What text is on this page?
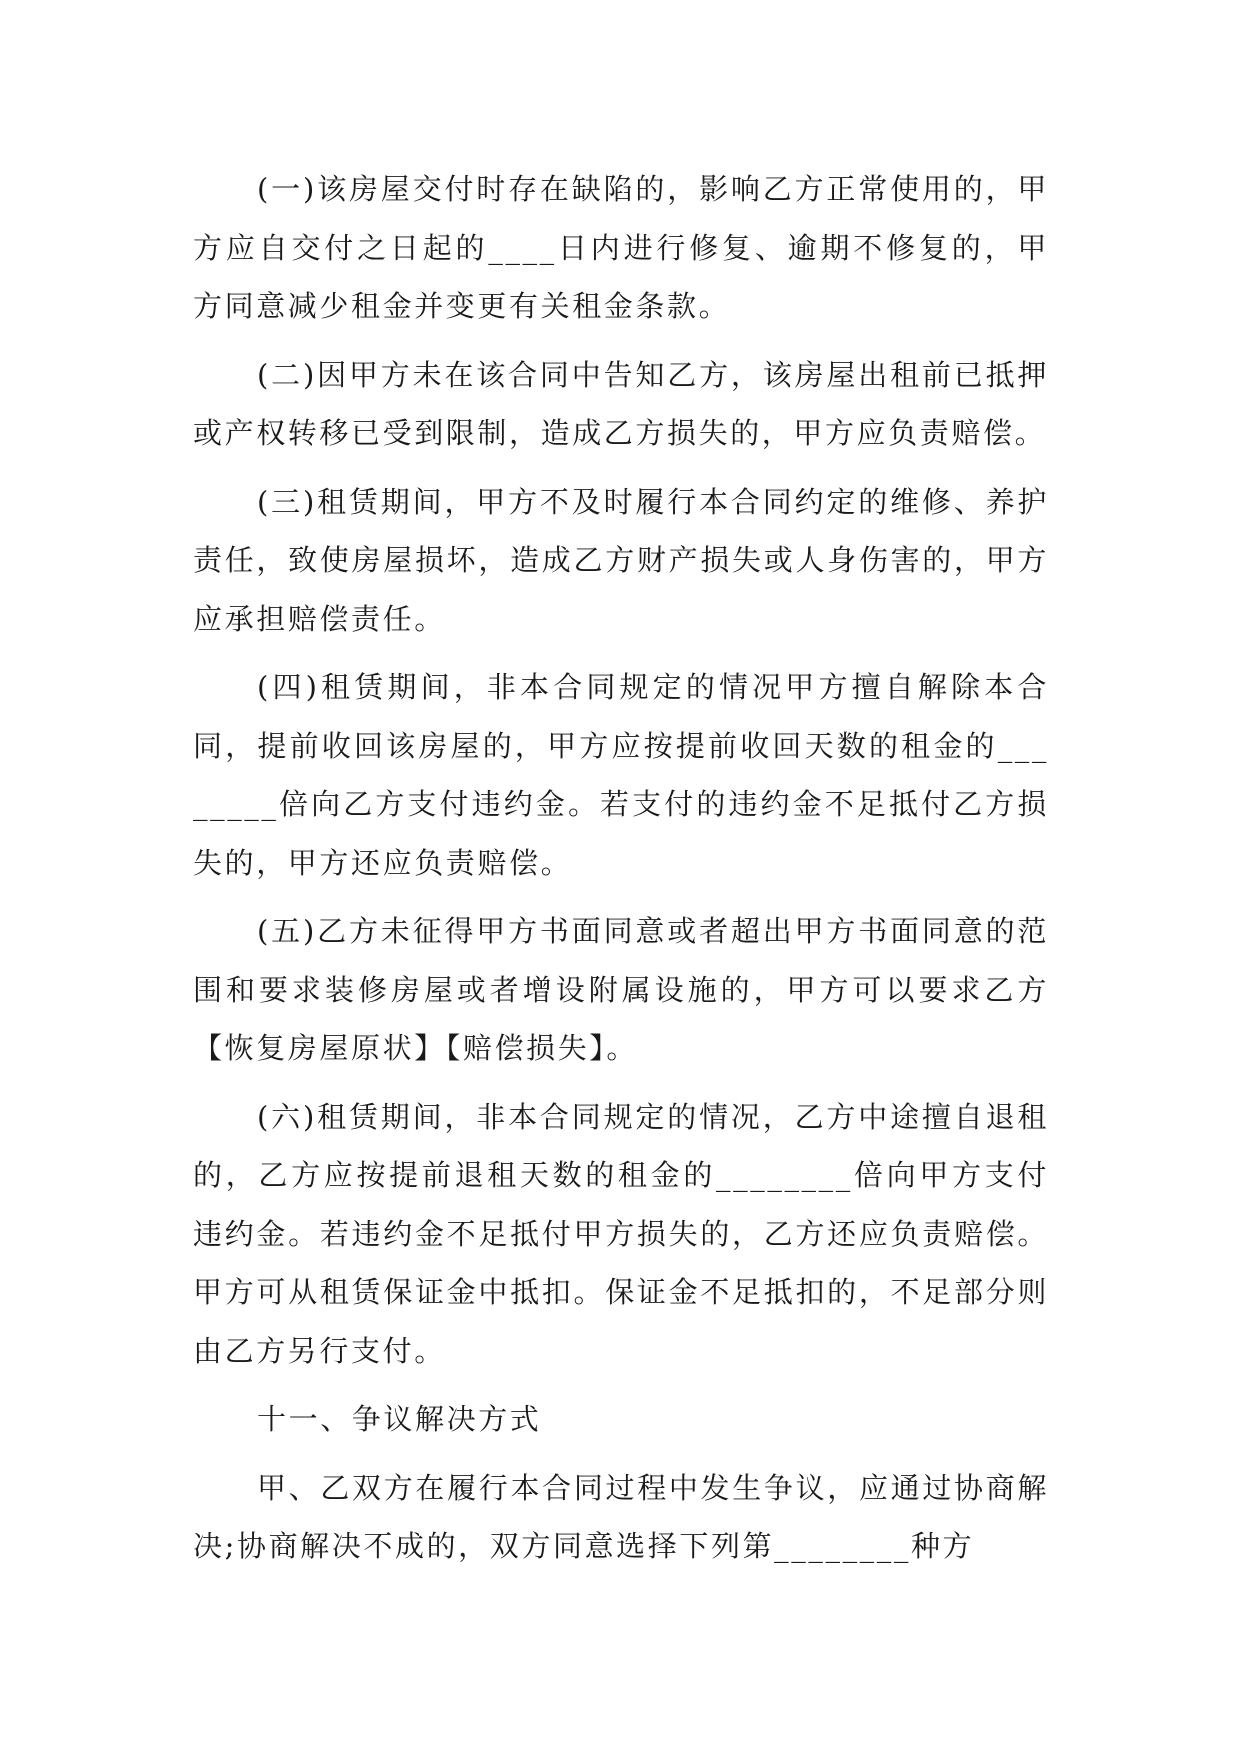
(一)该房屋交付时存在缺陷的，影响乙方正常使用的，甲方应自交付之日起的____日内进行修复、逾期不修复的，甲方同意减少租金并变更有关租金条款。

(二)因甲方未在该合同中告知乙方，该房屋出租前已抵押或产权转移已受到限制，造成乙方损失的，甲方应负责赔偿。

(三)租赁期间，甲方不及时履行本合同约定的维修、养护责任，致使房屋损坏，造成乙方财产损失或人身伤害的，甲方应承担赔偿责任。

(四)租赁期间，非本合同规定的情况甲方擅自解除本合同，提前收回该房屋的，甲方应按提前收回天数的租金的________倍向乙方支付违约金。若支付的违约金不足抵付乙方损失的，甲方还应负责赔偿。

(五)乙方未征得甲方书面同意或者超出甲方书面同意的范围和要求装修房屋或者增设附属设施的，甲方可以要求乙方【恢复房屋原状】【赔偿损失】。

(六)租赁期间，非本合同规定的情况，乙方中途擅自退租的，乙方应按提前退租天数的租金的________倍向甲方支付违约金。若违约金不足抵付甲方损失的，乙方还应负责赔偿。甲方可从租赁保证金中抵扣。保证金不足抵扣的，不足部分则由乙方另行支付。

十一、争议解决方式

甲、乙双方在履行本合同过程中发生争议，应通过协商解决;协商解决不成的，双方同意选择下列第________种方
